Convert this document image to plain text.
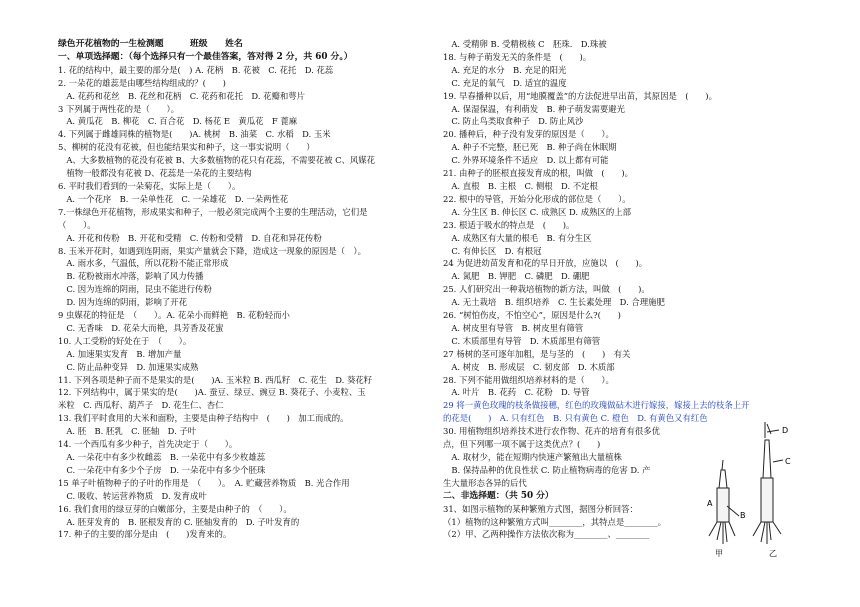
绿色开花植物的一生检测题　　　班级　　姓名
一、单项选择题：（每个选择只有一个最佳答案，答对得 2 分，共 60 分。）
1. 花的结构中，最主要的部分是(　) A. 花柄　B. 花被　C. 花托　D. 花蕊
2. 一朵花的雄蕊是由哪些结构组成的？(　　)
　A. 花药和花丝　B. 花丝和花柄　C. 花药和花托　D. 花瓣和萼片
3 下列属于两性花的是（　　）。
　A. 黄瓜花　B. 柳花　C. 百合花　D. 杨花 E　黄瓜花　F 蓖麻
4. 下列属于雌雄同株的植物是(　　)A. 桃树　B. 油菜　C. 水稻　D. 玉米
5、柳树的花没有花被，但也能结果实和种子，这一事实说明（　　）
　A、大多数植物的花没有花被 B、大多数植物的花只有花蕊，不需要花被 C、风媒花
　植物一般都没有花被 D、花蕊是一朵花的主要结构
6. 平时我们看到的一朵菊花，实际上是（　　）。
　A. 一个花序　B. 一朵单性花　C. 一朵雄花　D. 一朵两性花
7.一株绿色开花植物，形成果实和种子，一般必须完成两个主要的生理活动，它们是
（　　）。
　A. 开花和传粉　B. 开花和受精　C. 传粉和受精　D. 自花和异花传粉
8. 玉米开花时，如遇到连阴雨，果实产量就会下降，造成这一现象的原因是（　）。
　A. 雨水多，气温低，所以花粉不能正常形成
　B. 花粉被雨水冲落，影响了风力传播
　C. 因为连绵的阴雨，昆虫不能进行传粉
　D. 因为连绵的阴雨，影响了开花
9 虫媒花的特征是　（　　）。A. 花朵小而鲜艳　B. 花粉轻而小
　C. 无香味　D. 花朵大而艳，具芳香及花蜜
10. 人工受粉的好处在于　（　　）。
　A. 加速果实发育　B. 增加产量
　C. 防止品种变异　D. 加速果实成熟
11. 下列各项是种子而不是果实的是(　　)A. 玉米粒 B. 西瓜籽　C. 花生　D. 葵花籽
12. 下列结构中，属于果实的是(　　)A. 蚕豆、绿豆、豌豆 B. 葵花子、小麦粒、玉
米粒　C. 西瓜籽、葫芦子　D. 花生仁、杏仁
13. 我们平时食用的大米和面粉，主要是由种子结构中　(　　)　加工而成的。
　A. 胚　B. 胚乳　C. 胚轴　D. 子叶
14. 一个西瓜有多少种子，首先决定于（　　）。
　A. 一朵花中有多少枚雌蕊　B. 一朵花中有多少枚雄蕊
　C. 一朵花中有多少个子房　D. 一朵花中有多少个胚珠
15 单子叶植物种子的子叶的作用是　（　　）。　A. 贮藏营养物质　B. 光合作用
　C. 吸收、转运营养物质　D. 发育成叶
16. 我们食用的绿豆芽的白嫩部分，主要是由种子的　（　　）。
　A. 胚芽发育的　B. 胚根发育的 C. 胚轴发育的　D. 子叶发育的
17. 种子的主要的部分是由　(　　)发育来的。
　A. 受精卵 B. 受精极核 C　胚珠.　D.珠被
18. 与种子萌发无关的条件是　(　　)。
　A. 充足的水分　B. 充足的阳光
　C. 充足的氧气　D. 适宜的温度
19. 早春播种以后，用“地膜覆盖”的方法促进早出苗，其原因是　(　　)。
　A. 保湿保温，有利萌发　B. 种子萌发需要避光
　C. 防止鸟类取食种子　D. 防止风沙
20. 播种后，种子没有发芽的原因是（　　）。
　A. 种子不完整，胚已死　B. 种子尚在休眠期
　C. 外界环境条件不适应　D. 以上都有可能
21. 由种子的胚根直接发育成的根，叫做　(　　)。
　A. 直根　B. 主根　C. 侧根　D. 不定根
22. 根中的导管，开始分化形成的部位是（　　）。
　A. 分生区 B. 伸长区 C. 成熟区 D. 成熟区的上部
23. 根适于吸水的特点是　(　　)。
　A. 成熟区有大量的根毛　B. 有分生区
　C. 有伸长区　D. 有根冠
24 为促进幼苗发育和花的早日开放，应施以　(　　)。
　A. 氮肥　B. 钾肥　C. 磷肥　D. 硼肥
25. 人们研究出一种栽培植物的新方法，叫做　(　　)。
　A. 无土栽培　B. 组织培养　C. 生长素处理　D. 合理施肥
26. “树怕伤皮，不怕空心”，原因是什么?(　　)
　A. 树皮里有导管　B. 树皮里有筛管
　C. 木质部里有导管　D. 木质部里有筛管
27 杨树的茎可逐年加粗，是与茎的　(　　)　有关
　A. 树皮　B. 形成层　C. 韧皮部　D. 木质部
28. 下列不能用做组织培养材料的是（　　）。
　A. 叶片　B. 花药　C. 花粉　D. 导管
29 将一黄色玫瑰的枝条做接穗，红色的玫瑰做砧木进行嫁接，嫁接上去的枝条上开
的花是(　　)　A. 只有红色　B. 只有黄色 C. 橙色　D. 有黄色又有红色
30. 用植物组织培养技术进行农作物、花卉的培育有很多优
点，但下列哪一项不属于这类优点？(　　)
　A. 取材少，能在短期内快速产繁殖出大量植株
　B. 保持品种的优良性状 C. 防止植物病毒的危害 D. 产
生大量形态各异的后代
二、非选择题：（共 50 分）
31、如图示植物的某种繁殖方式图，据图分析回答：
（1）植物的这种繁殖方式叫________，其特点是________。
（2）甲、乙两种操作方法依次称为________、________
D
C
B
A
甲	乙
